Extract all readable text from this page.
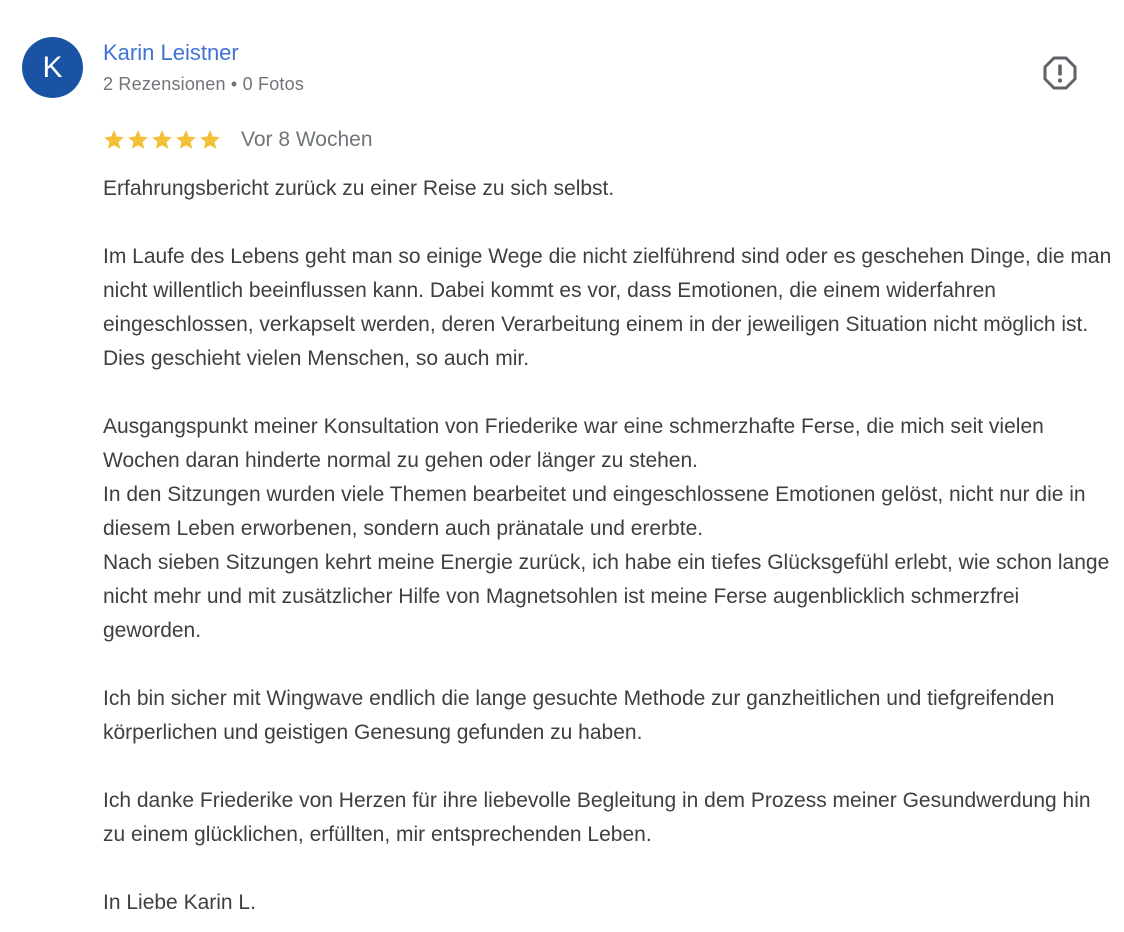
K	Karin Leistner
2 Rezensionen • 0 Fotos
Vor 8 Wochen

Erfahrungsbericht zurück zu einer Reise zu sich selbst.

Im Laufe des Lebens geht man so einige Wege die nicht zielführend sind oder es geschehen Dinge, die man nicht willentlich beeinflussen kann. Dabei kommt es vor, dass Emotionen, die einem widerfahren eingeschlossen, verkapselt werden, deren Verarbeitung einem in der jeweiligen Situation nicht möglich ist. Dies geschieht vielen Menschen, so auch mir.

Ausgangspunkt meiner Konsultation von Friederike war eine schmerzhafte Ferse, die mich seit vielen Wochen daran hinderte normal zu gehen oder länger zu stehen.

In den Sitzungen wurden viele Themen bearbeitet und eingeschlossene Emotionen gelöst, nicht nur die in diesem Leben erworbenen, sondern auch pränatale und ererbte.

Nach sieben Sitzungen kehrt meine Energie zurück, ich habe ein tiefes Glücksgefühl erlebt, wie schon lange nicht mehr und mit zusätzlicher Hilfe von Magnetsohlen ist meine Ferse augenblicklich schmerzfrei geworden.

Ich bin sicher mit Wingwave endlich die lange gesuchte Methode zur ganzheitlichen und tiefgreifenden körperlichen und geistigen Genesung gefunden zu haben.

Ich danke Friederike von Herzen für ihre liebevolle Begleitung in dem Prozess meiner Gesundwerdung hin zu einem glücklichen, erfüllten, mir entsprechenden Leben.

In Liebe Karin L.
